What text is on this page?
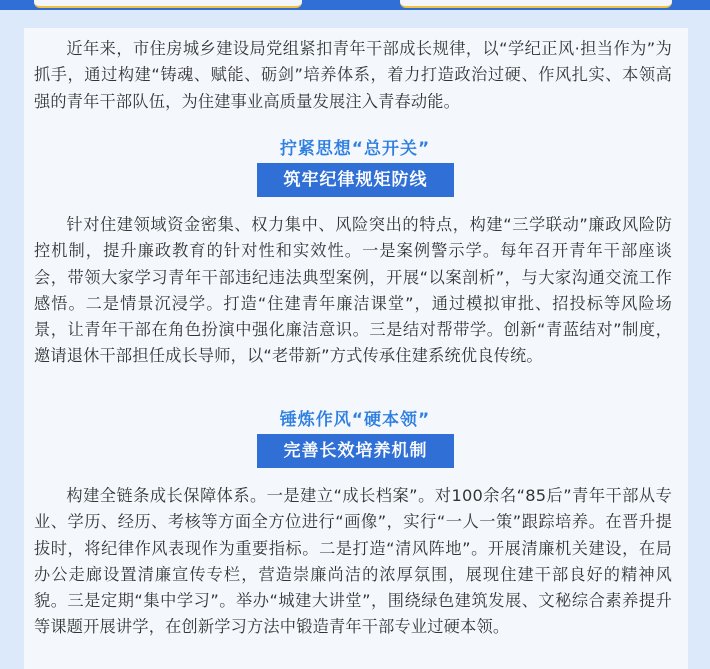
近年来，市住房城乡建设局党组紧扣青年干部成长规律，以“学纪正风·担当作为”为抓手，通过构建“铸魂、赋能、砺剑”培养体系，着力打造政治过硬、作风扎实、本领高强的青年干部队伍，为住建事业高质量发展注入青春动能。

拧紧思想“总开关”
筑牢纪律规矩防线

针对住建领域资金密集、权力集中、风险突出的特点，构建“三学联动”廉政风险防控机制，提升廉政教育的针对性和实效性。一是案例警示学。每年召开青年干部座谈会，带领大家学习青年干部违纪违法典型案例，开展“以案剖析”，与大家沟通交流工作感悟。二是情景沉浸学。打造“住建青年廉洁课堂”，通过模拟审批、招投标等风险场景，让青年干部在角色扮演中强化廉洁意识。三是结对帮带学。创新“青蓝结对”制度，邀请退休干部担任成长导师，以“老带新”方式传承住建系统优良传统。

锤炼作风“硬本领”
完善长效培养机制

构建全链条成长保障体系。一是建立“成长档案”。对100余名“85后”青年干部从专业、学历、经历、考核等方面全方位进行“画像”，实行“一人一策”跟踪培养。在晋升提拔时，将纪律作风表现作为重要指标。二是打造“清风阵地”。开展清廉机关建设，在局办公走廊设置清廉宣传专栏，营造崇廉尚洁的浓厚氛围，展现住建干部良好的精神风貌。三是定期“集中学习”。举办“城建大讲堂”，围绕绿色建筑发展、文秘综合素养提升等课题开展讲学，在创新学习方法中锻造青年干部专业过硬本领。
